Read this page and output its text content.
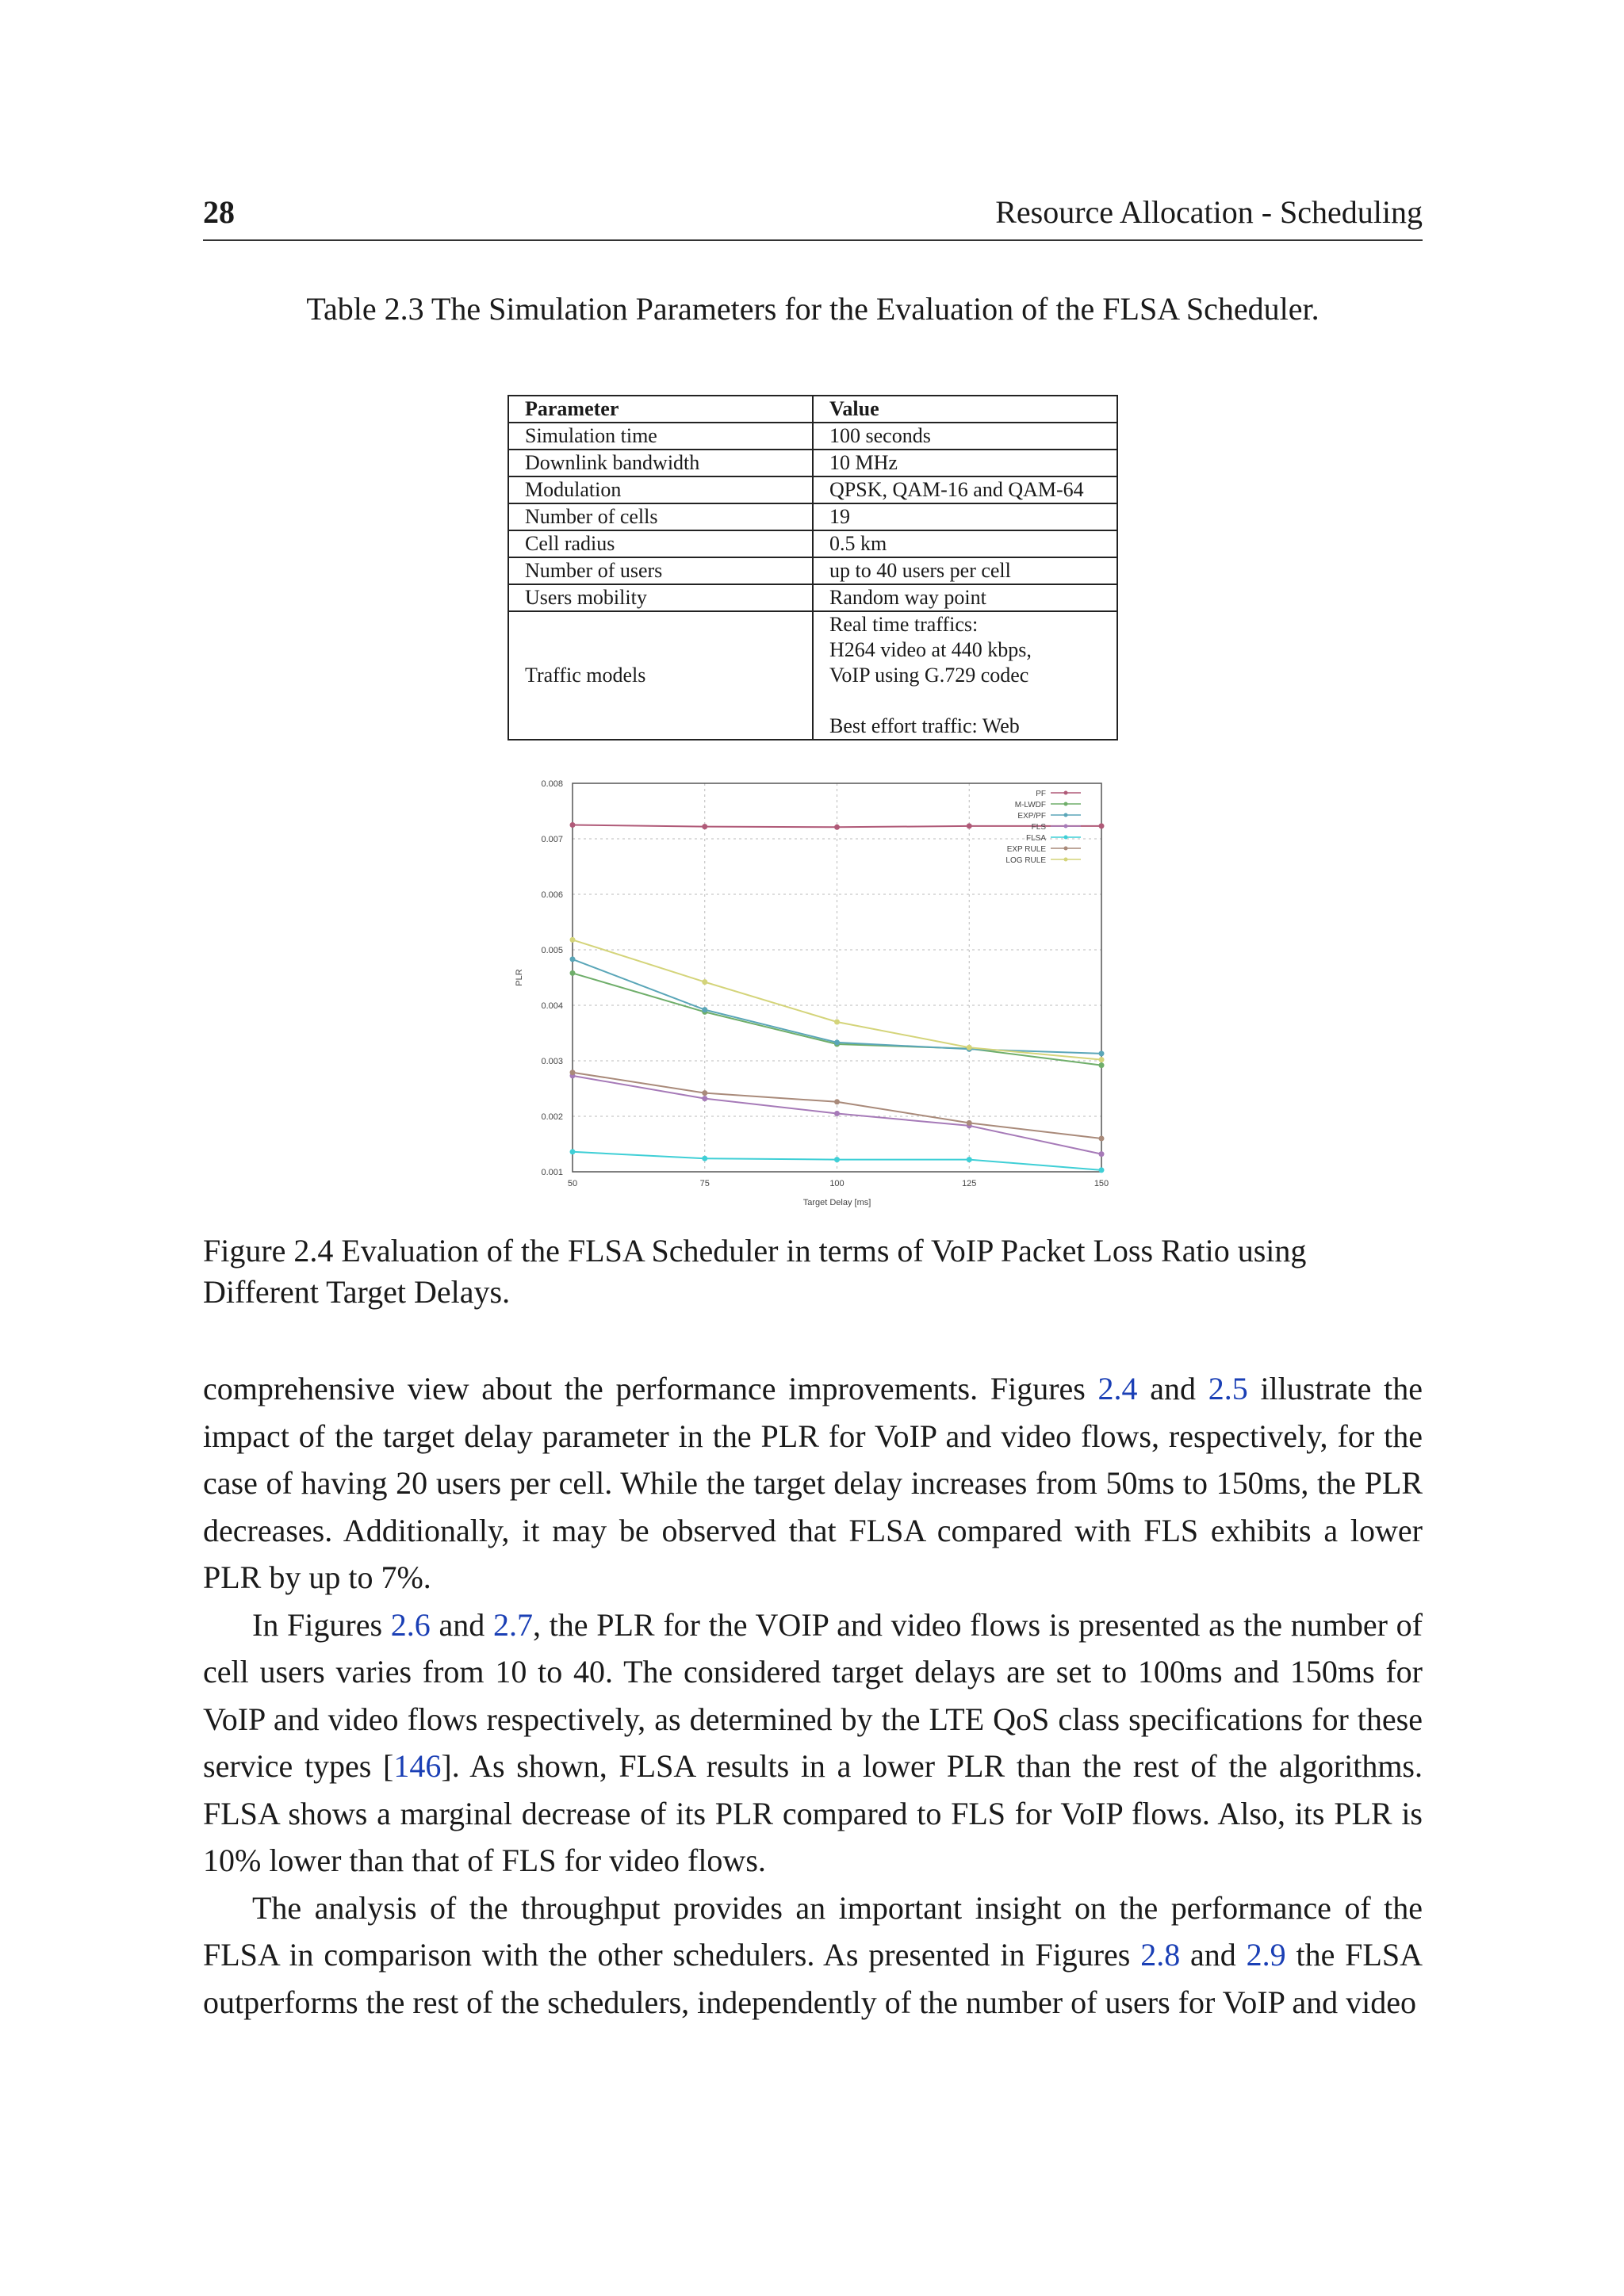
28	Resource Allocation - Scheduling
Table 2.3 The Simulation Parameters for the Evaluation of the FLSA Scheduler.
Parameter	Value
Simulation time	100 seconds
Downlink bandwidth	10 MHz
Modulation	QPSK, QAM-16 and QAM-64
Number of cells	19
Cell radius	0.5 km
Number of users	up to 40 users per cell
Users mobility	Random way point
Traffic models	Real time traffics:
H264 video at 440 kbps,
VoIP using G.729 codec
Best effort traffic: Web
0.001
0.002
0.003
0.004
0.005
0.006
0.007
0.008
50	75	100	125	150
Target Delay [ms]
PLR
PF
M-LWDF
EXP/PF
FLS
FLSA
EXP RULE
LOG RULE
Figure 2.4 Evaluation of the FLSA Scheduler in terms of VoIP Packet Loss Ratio using Different Target Delays.

comprehensive view about the performance improvements. Figures 2.4 and 2.5 illustrate the impact of the target delay parameter in the PLR for VoIP and video flows, respectively, for the case of having 20 users per cell. While the target delay increases from 50ms to 150ms, the PLR decreases. Additionally, it may be observed that FLSA compared with FLS exhibits a lower PLR by up to 7%.

In Figures 2.6 and 2.7, the PLR for the VOIP and video flows is presented as the number of cell users varies from 10 to 40. The considered target delays are set to 100ms and 150ms for VoIP and video flows respectively, as determined by the LTE QoS class specifications for these service types [146]. As shown, FLSA results in a lower PLR than the rest of the algorithms. FLSA shows a marginal decrease of its PLR compared to FLS for VoIP flows. Also, its PLR is 10% lower than that of FLS for video flows.

The analysis of the throughput provides an important insight on the performance of the FLSA in comparison with the other schedulers. As presented in Figures 2.8 and 2.9 the FLSA outperforms the rest of the schedulers, independently of the number of users for VoIP and video
